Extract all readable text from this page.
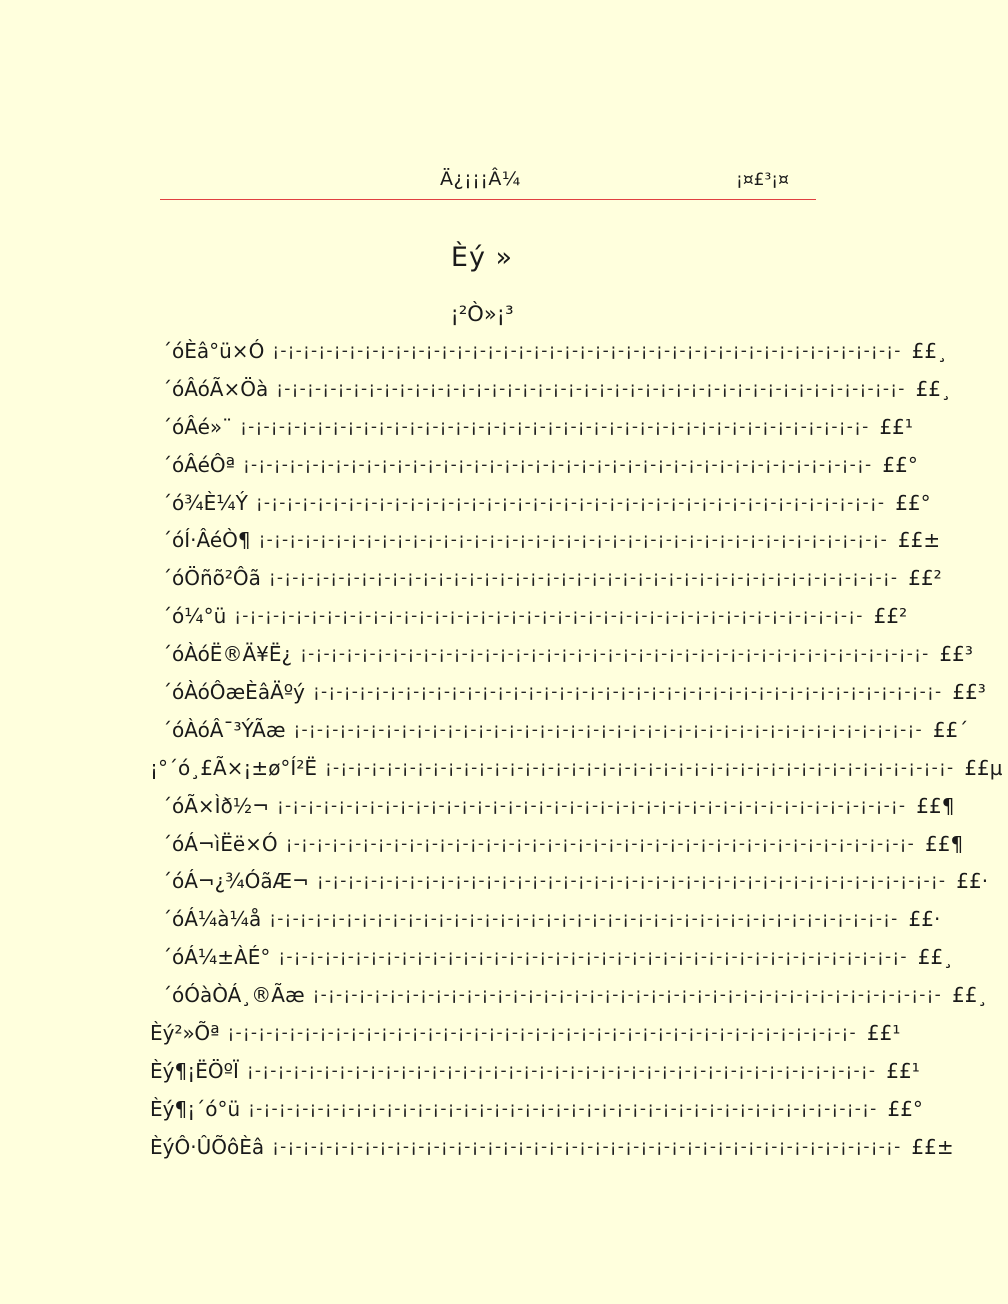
Ä¿¡¡¡Â¼	¡¤£³¡¤
Èý »
¡²Ò»¡³
´óÈâ°ü×Ó ¡-¡-¡-¡-¡-¡-¡-¡-¡-¡-¡-¡-¡-¡-¡-¡-¡-¡-¡-¡-¡-¡-¡-¡-¡-¡-¡-¡-¡-¡-¡-¡-¡-¡-¡-¡-¡-¡-¡-¡-¡- ££¸
´óÂóÃ×Öà ¡-¡-¡-¡-¡-¡-¡-¡-¡-¡-¡-¡-¡-¡-¡-¡-¡-¡-¡-¡-¡-¡-¡-¡-¡-¡-¡-¡-¡-¡-¡-¡-¡-¡-¡-¡-¡-¡-¡-¡-¡- ££¸
´óÂé»¨ ¡-¡-¡-¡-¡-¡-¡-¡-¡-¡-¡-¡-¡-¡-¡-¡-¡-¡-¡-¡-¡-¡-¡-¡-¡-¡-¡-¡-¡-¡-¡-¡-¡-¡-¡-¡-¡-¡-¡-¡-¡- ££¹
´óÂéÔª ¡-¡-¡-¡-¡-¡-¡-¡-¡-¡-¡-¡-¡-¡-¡-¡-¡-¡-¡-¡-¡-¡-¡-¡-¡-¡-¡-¡-¡-¡-¡-¡-¡-¡-¡-¡-¡-¡-¡-¡-¡- ££°
´ó¾È¼Ý ¡-¡-¡-¡-¡-¡-¡-¡-¡-¡-¡-¡-¡-¡-¡-¡-¡-¡-¡-¡-¡-¡-¡-¡-¡-¡-¡-¡-¡-¡-¡-¡-¡-¡-¡-¡-¡-¡-¡-¡-¡- ££°
´óÍ·ÂéÒ¶ ¡-¡-¡-¡-¡-¡-¡-¡-¡-¡-¡-¡-¡-¡-¡-¡-¡-¡-¡-¡-¡-¡-¡-¡-¡-¡-¡-¡-¡-¡-¡-¡-¡-¡-¡-¡-¡-¡-¡-¡-¡- ££±
´óÖñõ²Ôã ¡-¡-¡-¡-¡-¡-¡-¡-¡-¡-¡-¡-¡-¡-¡-¡-¡-¡-¡-¡-¡-¡-¡-¡-¡-¡-¡-¡-¡-¡-¡-¡-¡-¡-¡-¡-¡-¡-¡-¡-¡- ££²
´ó¼°ü ¡-¡-¡-¡-¡-¡-¡-¡-¡-¡-¡-¡-¡-¡-¡-¡-¡-¡-¡-¡-¡-¡-¡-¡-¡-¡-¡-¡-¡-¡-¡-¡-¡-¡-¡-¡-¡-¡-¡-¡-¡- ££²
´óÀóË®Ä¥Ë¿ ¡-¡-¡-¡-¡-¡-¡-¡-¡-¡-¡-¡-¡-¡-¡-¡-¡-¡-¡-¡-¡-¡-¡-¡-¡-¡-¡-¡-¡-¡-¡-¡-¡-¡-¡-¡-¡-¡-¡-¡-¡- ££³
´óÀóÔæÈâÄºý ¡-¡-¡-¡-¡-¡-¡-¡-¡-¡-¡-¡-¡-¡-¡-¡-¡-¡-¡-¡-¡-¡-¡-¡-¡-¡-¡-¡-¡-¡-¡-¡-¡-¡-¡-¡-¡-¡-¡-¡-¡- ££³
´óÀóÂ¯³ÝÃæ ¡-¡-¡-¡-¡-¡-¡-¡-¡-¡-¡-¡-¡-¡-¡-¡-¡-¡-¡-¡-¡-¡-¡-¡-¡-¡-¡-¡-¡-¡-¡-¡-¡-¡-¡-¡-¡-¡-¡-¡-¡- ££´
¡°´ó¸£Ã×¡±ø°Í²Ë ¡-¡-¡-¡-¡-¡-¡-¡-¡-¡-¡-¡-¡-¡-¡-¡-¡-¡-¡-¡-¡-¡-¡-¡-¡-¡-¡-¡-¡-¡-¡-¡-¡-¡-¡-¡-¡-¡-¡-¡-¡- ££µ
´óÃ×Ìð½¬ ¡-¡-¡-¡-¡-¡-¡-¡-¡-¡-¡-¡-¡-¡-¡-¡-¡-¡-¡-¡-¡-¡-¡-¡-¡-¡-¡-¡-¡-¡-¡-¡-¡-¡-¡-¡-¡-¡-¡-¡-¡- ££¶
´óÁ¬ìËë×Ó ¡-¡-¡-¡-¡-¡-¡-¡-¡-¡-¡-¡-¡-¡-¡-¡-¡-¡-¡-¡-¡-¡-¡-¡-¡-¡-¡-¡-¡-¡-¡-¡-¡-¡-¡-¡-¡-¡-¡-¡-¡- ££¶
´óÁ¬¿¾ÓãÆ¬ ¡-¡-¡-¡-¡-¡-¡-¡-¡-¡-¡-¡-¡-¡-¡-¡-¡-¡-¡-¡-¡-¡-¡-¡-¡-¡-¡-¡-¡-¡-¡-¡-¡-¡-¡-¡-¡-¡-¡-¡-¡- ££·
´óÁ¼à¼å ¡-¡-¡-¡-¡-¡-¡-¡-¡-¡-¡-¡-¡-¡-¡-¡-¡-¡-¡-¡-¡-¡-¡-¡-¡-¡-¡-¡-¡-¡-¡-¡-¡-¡-¡-¡-¡-¡-¡-¡-¡- ££·
´óÁ¼±ÀÉ° ¡-¡-¡-¡-¡-¡-¡-¡-¡-¡-¡-¡-¡-¡-¡-¡-¡-¡-¡-¡-¡-¡-¡-¡-¡-¡-¡-¡-¡-¡-¡-¡-¡-¡-¡-¡-¡-¡-¡-¡-¡- ££¸
´óÓàÒÁ¸®Ãæ ¡-¡-¡-¡-¡-¡-¡-¡-¡-¡-¡-¡-¡-¡-¡-¡-¡-¡-¡-¡-¡-¡-¡-¡-¡-¡-¡-¡-¡-¡-¡-¡-¡-¡-¡-¡-¡-¡-¡-¡-¡- ££¸
Èý²»Õª ¡-¡-¡-¡-¡-¡-¡-¡-¡-¡-¡-¡-¡-¡-¡-¡-¡-¡-¡-¡-¡-¡-¡-¡-¡-¡-¡-¡-¡-¡-¡-¡-¡-¡-¡-¡-¡-¡-¡-¡-¡- ££¹
Èý¶¡ËÖºÏ ¡-¡-¡-¡-¡-¡-¡-¡-¡-¡-¡-¡-¡-¡-¡-¡-¡-¡-¡-¡-¡-¡-¡-¡-¡-¡-¡-¡-¡-¡-¡-¡-¡-¡-¡-¡-¡-¡-¡-¡-¡- ££¹
Èý¶¡´ó°ü ¡-¡-¡-¡-¡-¡-¡-¡-¡-¡-¡-¡-¡-¡-¡-¡-¡-¡-¡-¡-¡-¡-¡-¡-¡-¡-¡-¡-¡-¡-¡-¡-¡-¡-¡-¡-¡-¡-¡-¡-¡- ££°
ÈýÔ·ÛÕôÈâ ¡-¡-¡-¡-¡-¡-¡-¡-¡-¡-¡-¡-¡-¡-¡-¡-¡-¡-¡-¡-¡-¡-¡-¡-¡-¡-¡-¡-¡-¡-¡-¡-¡-¡-¡-¡-¡-¡-¡-¡-¡- ££±
